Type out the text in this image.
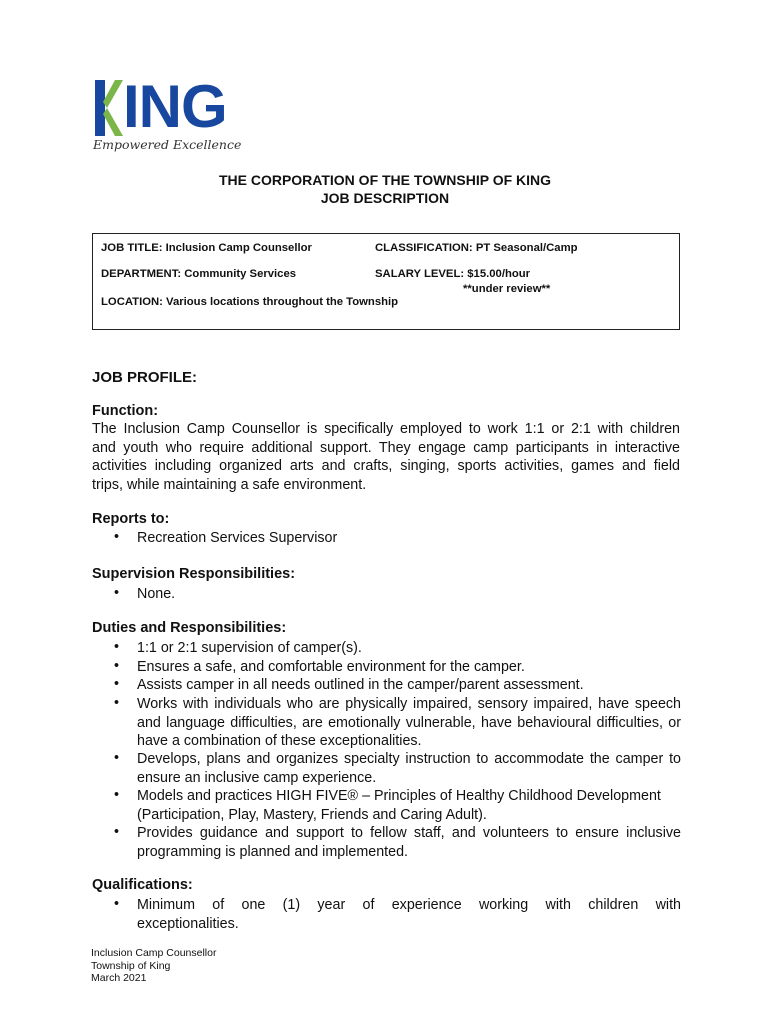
ING
Empowered Excellence
THE CORPORATION OF THE TOWNSHIP OF KING
JOB DESCRIPTION
JOB TITLE: Inclusion Camp Counsellor	CLASSIFICATION: PT Seasonal/Camp
DEPARTMENT: Community Services	SALARY LEVEL: $15.00/hour
**under review**
LOCATION: Various locations throughout the Township
JOB PROFILE:
Function:
The Inclusion Camp Counsellor is specifically employed to work 1:1 or 2:1 with children
and youth who require additional support. They engage camp participants in interactive
activities including organized arts and crafts, singing, sports activities, games and field
trips, while maintaining a safe environment.
Reports to:
• Recreation Services Supervisor
Supervision Responsibilities:
• None.
Duties and Responsibilities:
• 1:1 or 2:1 supervision of camper(s).
• Ensures a safe, and comfortable environment for the camper.
• Assists camper in all needs outlined in the camper/parent assessment.
• Works with individuals who are physically impaired, sensory impaired, have speech and language difficulties, are emotionally vulnerable, have behavioural difficulties, or have a combination of these exceptionalities.
• Develops, plans and organizes specialty instruction to accommodate the camper to ensure an inclusive camp experience.
• Models and practices HIGH FIVE® – Principles of Healthy Childhood Development (Participation, Play, Mastery, Friends and Caring Adult).
• Provides guidance and support to fellow staff, and volunteers to ensure inclusive programming is planned and implemented.
Qualifications:
• Minimum of one (1) year of experience working with children with exceptionalities.
Inclusion Camp Counsellor
Township of King
March 2021
